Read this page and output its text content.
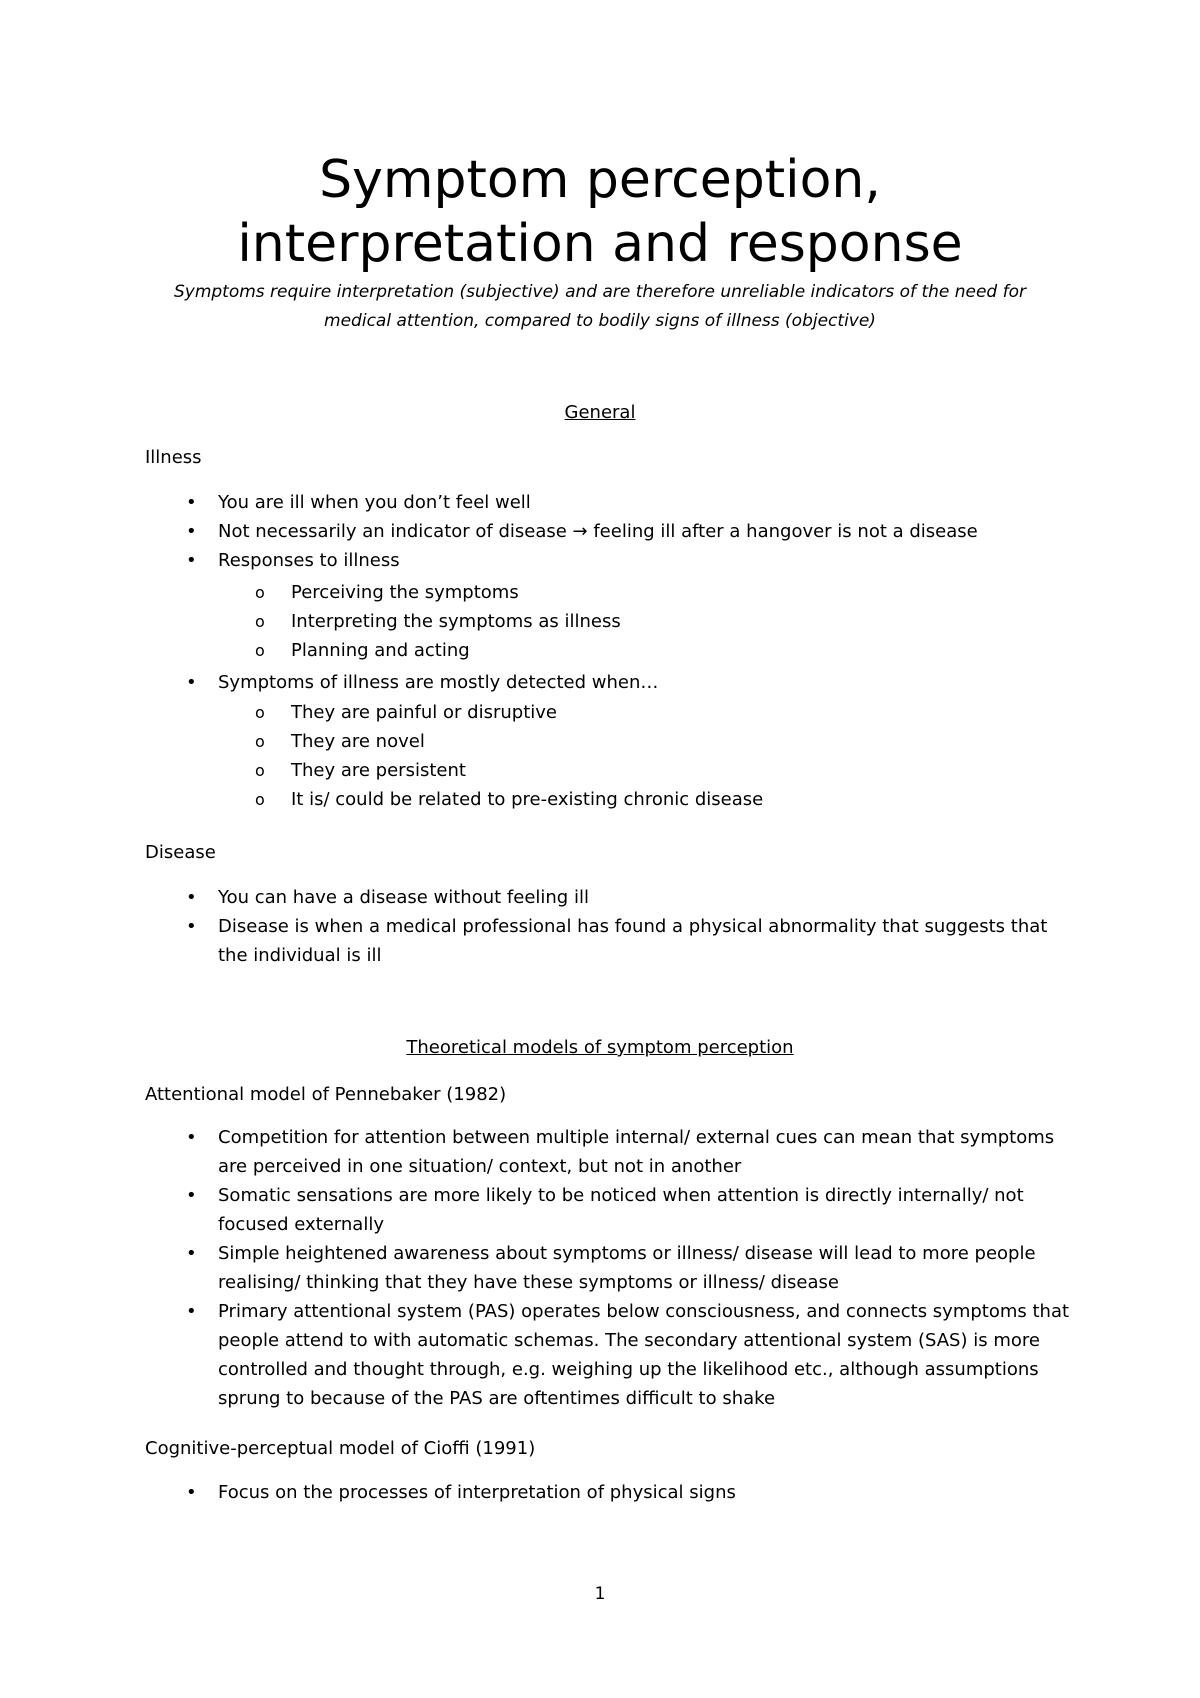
Symptom perception,
interpretation and response

Symptoms require interpretation (subjective) and are therefore unreliable indicators of the need for

medical attention, compared to bodily signs of illness (objective)

General
Illness
• You are ill when you don’t feel well
• Not necessarily an indicator of disease → feeling ill after a hangover is not a disease
• Responses to illness
o Perceiving the symptoms
o Interpreting the symptoms as illness
o Planning and acting
• Symptoms of illness are mostly detected when…
o They are painful or disruptive
o They are novel
o They are persistent
o It is/ could be related to pre-existing chronic disease
Disease
• You can have a disease without feeling ill
• Disease is when a medical professional has found a physical abnormality that suggests that the individual is ill
Theoretical models of symptom perception
Attentional model of Pennebaker (1982)
• Competition for attention between multiple internal/ external cues can mean that symptoms are perceived in one situation/ context, but not in another
• Somatic sensations are more likely to be noticed when attention is directly internally/ not focused externally
• Simple heightened awareness about symptoms or illness/ disease will lead to more people realising/ thinking that they have these symptoms or illness/ disease
• Primary attentional system (PAS) operates below consciousness, and connects symptoms that people attend to with automatic schemas. The secondary attentional system (SAS) is more controlled and thought through, e.g. weighing up the likelihood etc., although assumptions sprung to because of the PAS are oftentimes difficult to shake
Cognitive-perceptual model of Cioffi (1991)
• Focus on the processes of interpretation of physical signs
1
